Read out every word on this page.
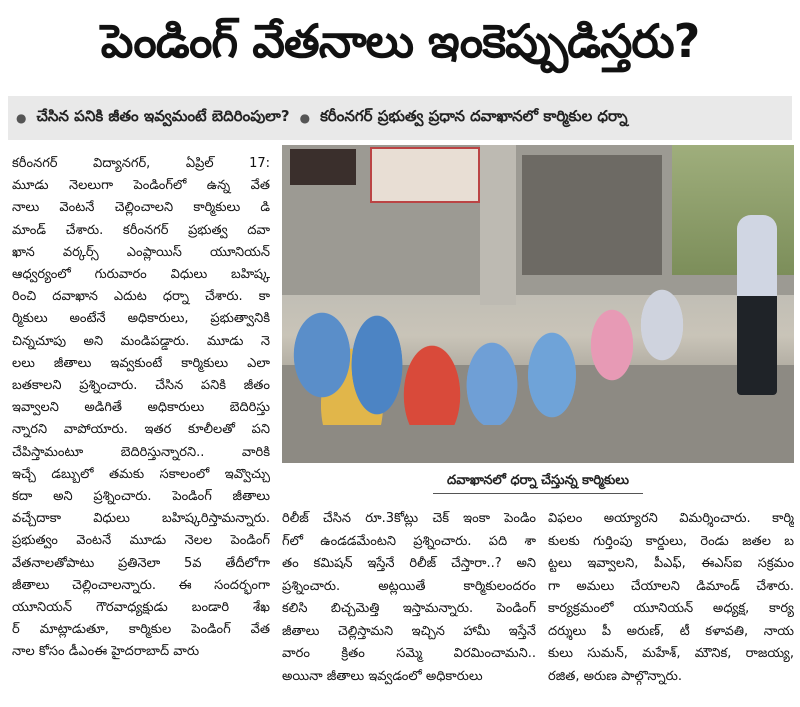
పెండింగ్ వేతనాలు ఇంకెప్పుడిస్తరు?
● చేసిన పనికి జీతం ఇవ్వమంటే బెదిరింపులా? ● కరీంనగర్ ప్రభుత్వ ప్రధాన దవాఖానలో కార్మికుల ధర్నా
కరీంనగర్ విద్యానగర్, ఏప్రిల్ 17:
మూడు నెలలుగా పెండింగ్‌లో ఉన్న వేత
నాలు వెంటనే చెల్లించాలని కార్మికులు డి
మాండ్ చేశారు. కరీంనగర్ ప్రభుత్వ దవా
ఖాన వర్కర్స్ ఎంప్లాయిస్ యూనియన్
ఆధ్వర్యంలో గురువారం విధులు బహిష్క
రించి దవాఖాన ఎదుట ధర్నా చేశారు. కా
ర్మికులు అంటేనే అధికారులు, ప్రభుత్వానికి
చిన్నచూపు అని మండిపడ్డారు. మూడు నె
లలు జీతాలు ఇవ్వకుంటే కార్మికులు ఎలా
బతకాలని ప్రశ్నించారు. చేసిన పనికి జీతం
ఇవ్వాలని అడిగితే అధికారులు బెదిరిస్తు
న్నారని వాపోయారు. ఇతర కూలీలతో పని
చేపిస్తామంటూ బెదిరిస్తున్నారని.. వారికి
ఇచ్చే డబ్బులో తమకు సకాలంలో ఇవ్వొచ్చు
కదా అని ప్రశ్నించారు. పెండింగ్ జీతాలు
వచ్చేదాకా విధులు బహిష్కరిస్తామన్నారు.
ప్రభుత్వం వెంటనే మూడు నెలల పెండింగ్
వేతనాలతోపాటు ప్రతినెలా 5వ తేదీలోగా
జీతాలు చెల్లించాలన్నారు. ఈ సందర్భంగా
యూనియన్ గౌరవాధ్యక్షుడు బండారి శేఖ
ర్ మాట్లాడుతూ, కార్మికుల పెండింగ్ వేత
నాల కోసం డీఎంఈ హైదరాబాద్ వారు
దవాఖానలో ధర్నా చేస్తున్న కార్మికులు
రిలీజ్ చేసిన రూ.3కోట్లు చెక్ ఇంకా పెండిం
గ్‌లో ఉండడమేంటని ప్రశ్నించారు. పది శా
తం కమిషన్ ఇస్తేనే రిలీజ్ చేస్తారా..? అని
ప్రశ్నించారు. అట్లయితే కార్మికులందరం
కలిసి బిచ్చమెత్తి ఇస్తామన్నారు. పెండింగ్
జీతాలు చెల్లిస్తామని ఇచ్చిన హామీ ఇస్తేనే
వారం క్రితం సమ్మె విరమించామని..
అయినా జీతాలు ఇవ్వడంలో అధికారులు
విఫలం అయ్యారని విమర్శించారు. కార్మి
కులకు గుర్తింపు కార్డులు, రెండు జతల బ
ట్టలు ఇవ్వాలని, పీఎఫ్, ఈఎస్ఐ సక్రమం
గా అమలు చేయాలని డిమాండ్ చేశారు.
కార్యక్రమంలో యూనియన్ అధ్యక్ష, కార్య
దర్శులు పీ అరుణ్, టీ కళావతి, నాయ
కులు సుమన్, మహేశ్, మౌనిక, రాజయ్య,
రజిత, అరుణ పాల్గొన్నారు.
